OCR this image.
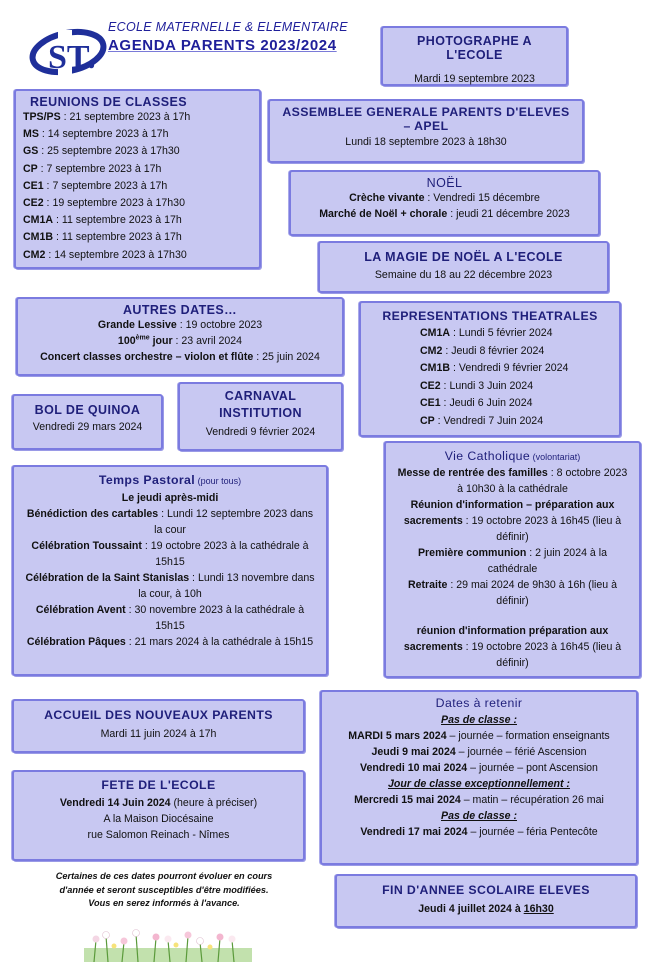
ST.
ECOLE MATERNELLE & ELEMENTAIRE
AGENDA PARENTS 2023/2024	PHOTOGRAPHE A L'ECOLE
Mardi 19 septembre 2023
REUNIONS DE CLASSES
TPS/PS : 21 septembre 2023 à 17h
MS : 14 septembre 2023 à 17h
GS : 25 septembre 2023 à 17h30
CP : 7 septembre 2023 à 17h
CE1 : 7 septembre 2023 à 17h
CE2 : 19 septembre 2023 à 17h30
CM1A : 11 septembre 2023 à 17h
CM1B : 11 septembre 2023 à 17h
CM2 : 14 septembre 2023 à 17h30
ASSEMBLEE GENERALE PARENTS D'ELEVES
– APEL
Lundi 18 septembre 2023 à 18h30
NOËL
Crèche vivante : Vendredi 15 décembre
Marché de Noël + chorale : jeudi 21 décembre 2023
LA MAGIE DE NOËL A L'ECOLE
Semaine du 18 au 22 décembre 2023
AUTRES DATES…
Grande Lessive : 19 octobre 2023
100ème jour : 23 avril 2024
Concert classes orchestre – violon et flûte : 25 juin 2024
REPRESENTATIONS THEATRALES
CM1A : Lundi 5 février 2024
CM2 : Jeudi 8 février 2024
CM1B : Vendredi 9 février 2024
CE2 : Lundi 3 Juin 2024
CE1 : Jeudi 6 Juin 2024
CP : Vendredi 7 Juin 2024
BOL DE QUINOA
Vendredi 29 mars 2024
CARNAVAL
INSTITUTION
Vendredi 9 février 2024
Temps Pastoral (pour tous)
Le jeudi après-midi
Bénédiction des cartables : Lundi 12 septembre 2023 dans la cour
Célébration Toussaint : 19 octobre 2023 à la cathédrale à 15h15
Célébration de la Saint Stanislas : Lundi 13 novembre dans la cour, à 10h
Célébration Avent : 30 novembre 2023 à la cathédrale à 15h15
Célébration Pâques : 21 mars 2024 à la cathédrale à 15h15
Vie Catholique (volontariat)
Messe de rentrée des familles : 8 octobre 2023 à 10h30 à la cathédrale
Réunion d'information – préparation aux sacrements : 19 octobre 2023 à 16h45 (lieu à définir)
Première communion : 2 juin 2024 à la cathédrale
Retraite : 29 mai 2024 de 9h30 à 16h (lieu à définir)
réunion d'information préparation aux sacrements : 19 octobre 2023 à 16h45 (lieu à définir)
ACCUEIL DES NOUVEAUX PARENTS
Mardi 11 juin 2024 à 17h
FETE DE L'ECOLE
Vendredi 14 Juin 2024 (heure à préciser)
A la Maison Diocésaine
rue Salomon Reinach - Nîmes
Dates à retenir
Pas de classe :
MARDI 5 mars 2024 – journée – formation enseignants
Jeudi 9 mai 2024 – journée – férié Ascension
Vendredi 10 mai 2024 – journée – pont Ascension
Jour de classe exceptionnellement :
Mercredi 15 mai 2024 – matin – récupération 26 mai
Pas de classe :
Vendredi 17 mai 2024 – journée – féria Pentecôte
FIN D'ANNEE SCOLAIRE ELEVES
Jeudi 4 juillet 2024 à 16h30
Certaines de ces dates pourront évoluer en cours
d'année et seront susceptibles d'être modifiées.
Vous en serez informés à l'avance.
